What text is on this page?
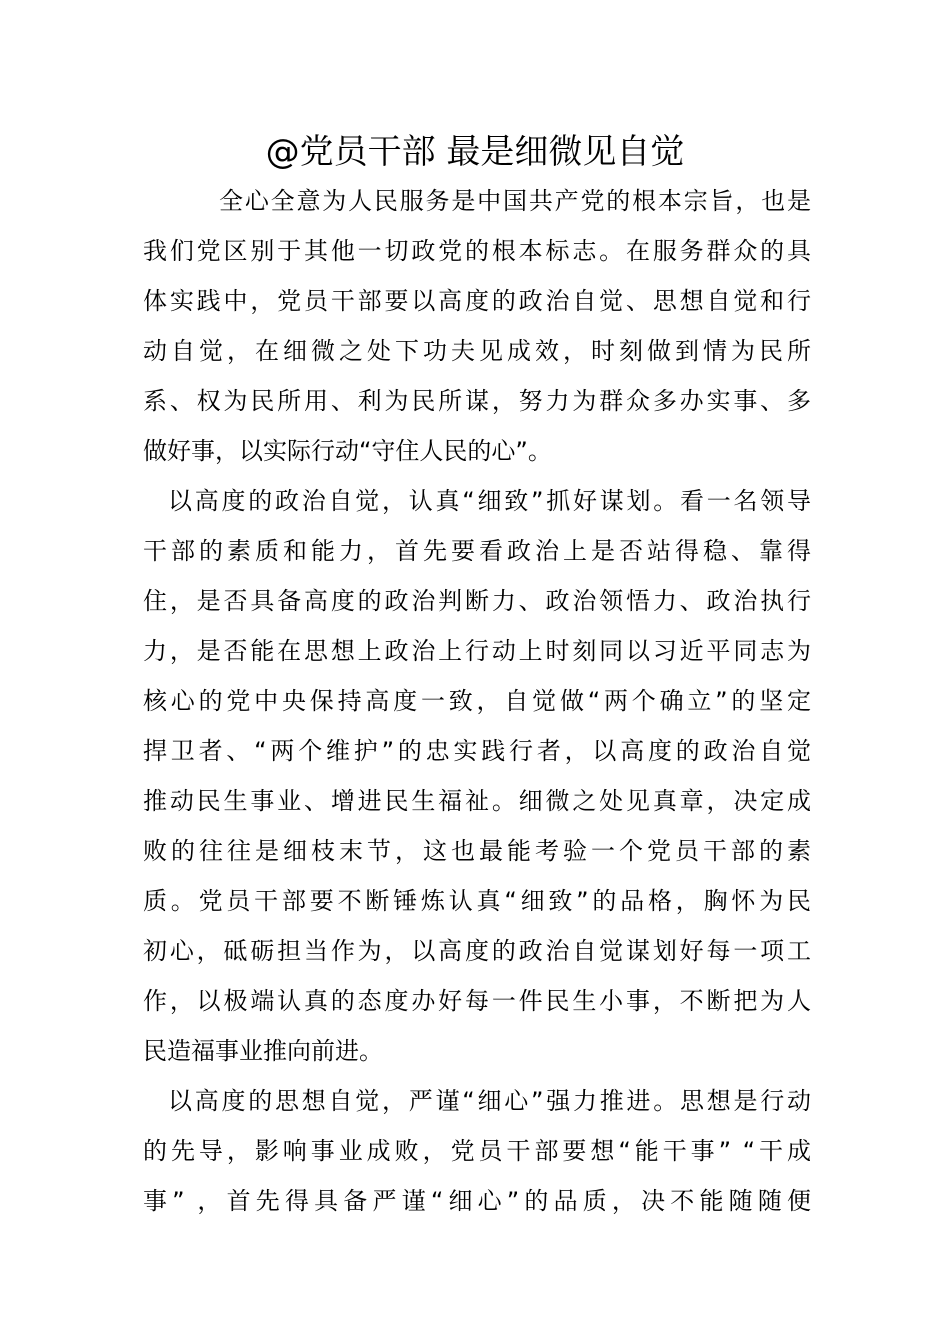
@党员干部 最是细微见自觉
全心全意为人民服务是中国共产党的根本宗旨，也是
我们党区别于其他一切政党的根本标志。在服务群众的具
体实践中，党员干部要以高度的政治自觉、思想自觉和行
动自觉，在细微之处下功夫见成效，时刻做到情为民所
系、权为民所用、利为民所谋，努力为群众多办实事、多
做好事，以实际行动“守住人民的心”。
以高度的政治自觉，认真“细致”抓好谋划。看一名领导
干部的素质和能力，首先要看政治上是否站得稳、靠得
住，是否具备高度的政治判断力、政治领悟力、政治执行
力，是否能在思想上政治上行动上时刻同以习近平同志为
核心的党中央保持高度一致，自觉做“两个确立”的坚定
捍卫者、“两个维护”的忠实践行者，以高度的政治自觉
推动民生事业、增进民生福祉。细微之处见真章，决定成
败的往往是细枝末节，这也最能考验一个党员干部的素
质。党员干部要不断锤炼认真“细致”的品格，胸怀为民
初心，砥砺担当作为，以高度的政治自觉谋划好每一项工
作，以极端认真的态度办好每一件民生小事，不断把为人
民造福事业推向前进。
以高度的思想自觉，严谨“细心”强力推进。思想是行动
的先导，影响事业成败，党员干部要想“能干事” “干成
事” ，首先得具备严谨“细心”的品质，决不能随随便
